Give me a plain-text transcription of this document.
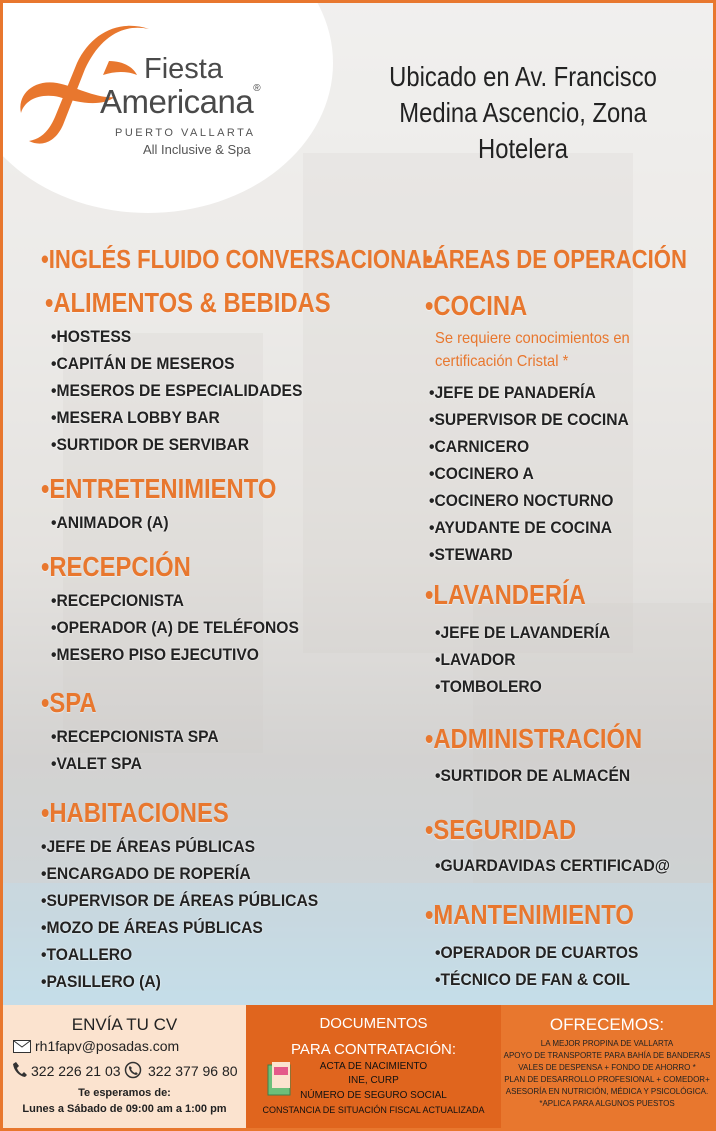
Fiesta
Americana®
PUERTO VALLARTA
All Inclusive & Spa
Ubicado en Av. Francisco
Medina Ascencio, Zona Hotelera
•INGLÉS FLUIDO CONVERSACIONAL
•ALIMENTOS & BEBIDAS
•HOSTESS
•CAPITÁN DE MESEROS
•MESEROS DE ESPECIALIDADES
•MESERA LOBBY BAR
•SURTIDOR DE SERVIBAR
•ENTRETENIMIENTO
•ANIMADOR (A)
•RECEPCIÓN
•RECEPCIONISTA
•OPERADOR (A) DE TELÉFONOS
•MESERO PISO EJECUTIVO
•SPA
•RECEPCIONISTA SPA
•VALET SPA
•HABITACIONES
•JEFE DE ÁREAS PÚBLICAS
•ENCARGADO DE ROPERÍA
•SUPERVISOR DE ÁREAS PÚBLICAS
•MOZO DE ÁREAS PÚBLICAS
•TOALLERO
•PASILLERO (A)
•ÁREAS DE OPERACIÓN
•COCINA
Se requiere conocimientos en
certificación Cristal *
•JEFE DE PANADERÍA
•SUPERVISOR DE COCINA
•CARNICERO
•COCINERO A
•COCINERO NOCTURNO
•AYUDANTE DE COCINA
•STEWARD
•LAVANDERÍA
•JEFE DE LAVANDERÍA
•LAVADOR
•TOMBOLERO
•ADMINISTRACIÓN
•SURTIDOR DE ALMACÉN
•SEGURIDAD
•GUARDAVIDAS CERTIFICAD@
•MANTENIMIENTO
•OPERADOR DE CUARTOS
•TÉCNICO DE FAN & COIL
ENVÍA TU CV
rh1fapv@posadas.com
322 226 21 03 322 377 96 80
Te esperamos de:
Lunes a Sábado de 09:00 am a 1:00 pm
DOCUMENTOS
PARA CONTRATACIÓN:
ACTA DE NACIMIENTO
INE, CURP
NÚMERO DE SEGURO SOCIAL
CONSTANCIA DE SITUACIÓN FISCAL ACTUALIZADA
OFRECEMOS:
LA MEJOR PROPINA DE VALLARTA
APOYO DE TRANSPORTE PARA BAHÍA DE BANDERAS
VALES DE DESPENSA + FONDO DE AHORRO *
PLAN DE DESARROLLO PROFESIONAL + COMEDOR+
ASESORÍA EN NUTRICIÓN, MÉDICA Y PSICOLÓGICA.
*APLICA PARA ALGUNOS PUESTOS
